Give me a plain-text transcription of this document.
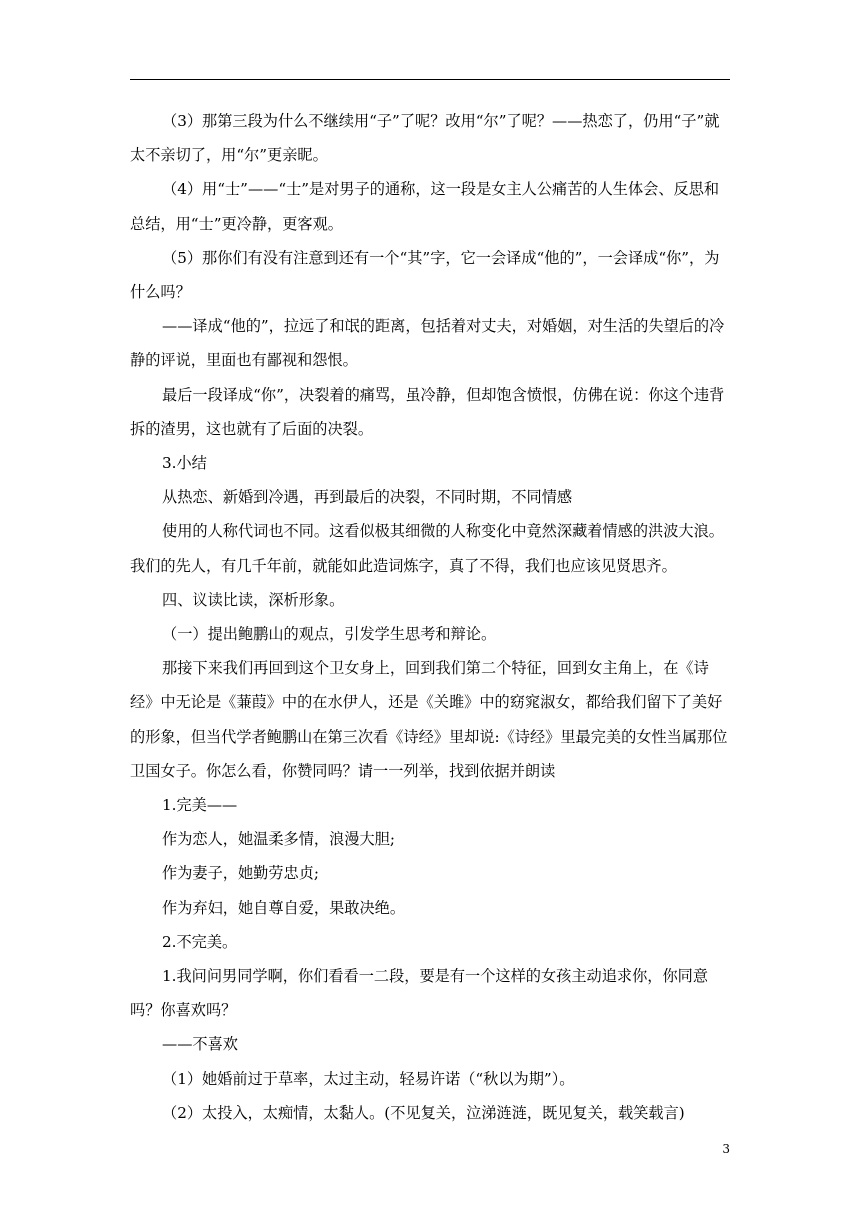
（3）那第三段为什么不继续用“子”了呢？改用“尔”了呢？——热恋了，仍用“子”就太不亲切了，用“尔”更亲昵。

（4）用“士”——“士”是对男子的通称，这一段是女主人公痛苦的人生体会、反思和总结，用“士”更冷静，更客观。

（5）那你们有没有注意到还有一个“其”字，它一会译成“他的”，一会译成“你”，为什么吗？

——译成“他的”，拉远了和氓的距离，包括着对丈夫，对婚姻，对生活的失望后的冷静的评说，里面也有鄙视和怨恨。

最后一段译成“你”，决裂着的痛骂，虽冷静，但却饱含愤恨，仿佛在说：你这个违背拆的渣男，这也就有了后面的决裂。

3.小结

从热恋、新婚到冷遇，再到最后的决裂，不同时期，不同情感

使用的人称代词也不同。这看似极其细微的人称变化中竟然深藏着情感的洪波大浪。我们的先人，有几千年前，就能如此造词炼字，真了不得，我们也应该见贤思齐。

四、议读比读，深析形象。

（一）提出鲍鹏山的观点，引发学生思考和辩论。

那接下来我们再回到这个卫女身上，回到我们第二个特征，回到女主角上，在《诗经》中无论是《蒹葭》中的在水伊人，还是《关雎》中的窈窕淑女，都给我们留下了美好的形象，但当代学者鲍鹏山在第三次看《诗经》里却说:《诗经》里最完美的女性当属那位卫国女子。你怎么看，你赞同吗？请一一列举，找到依据并朗读

1.完美——

作为恋人，她温柔多情，浪漫大胆;

作为妻子，她勤劳忠贞;

作为弃妇，她自尊自爱，果敢决绝。

2.不完美。

1.我问问男同学啊，你们看看一二段，要是有一个这样的女孩主动追求你，你同意吗？你喜欢吗？

——不喜欢

（1）她婚前过于草率，太过主动，轻易许诺（“秋以为期”）。

（2）太投入，太痴情，太黏人。(不见复关，泣涕涟涟，既见复关，载笑载言)

3
